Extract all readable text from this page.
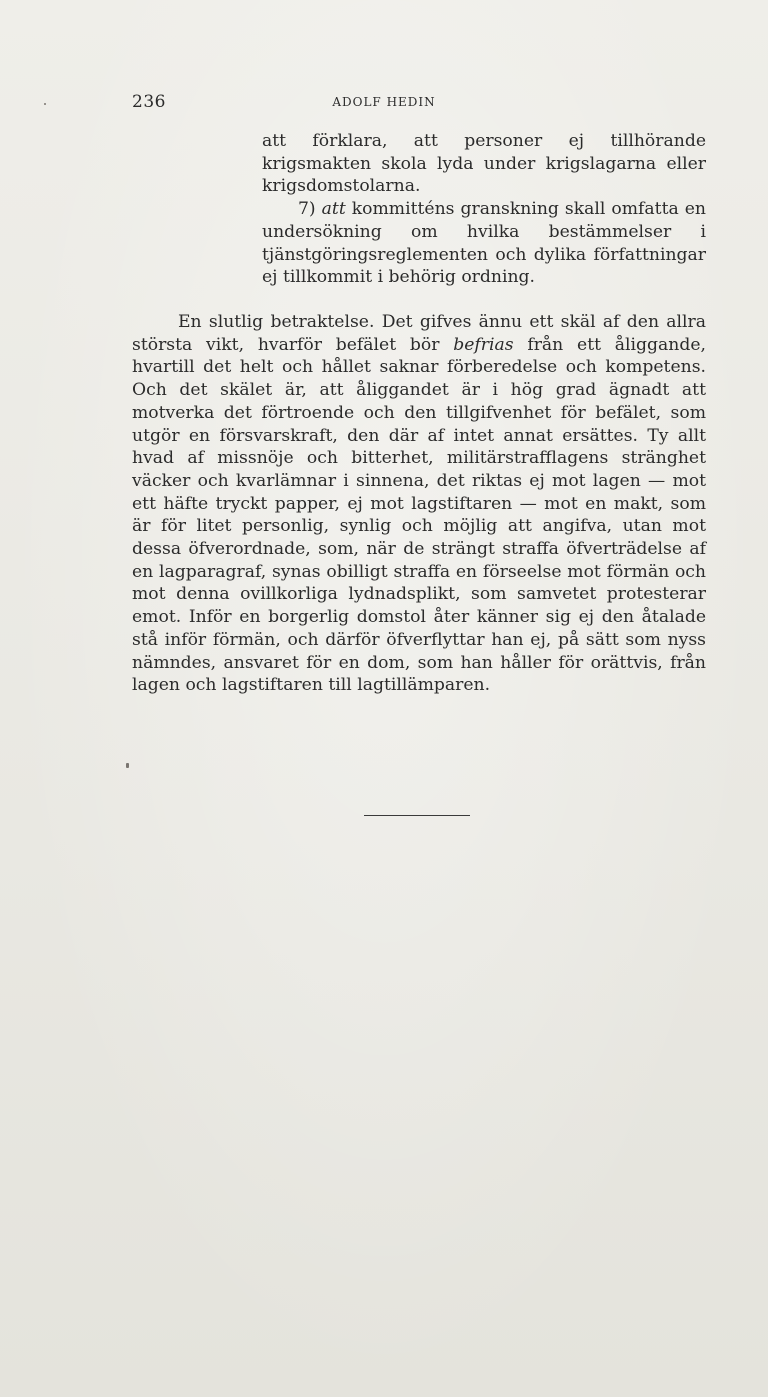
236	ADOLF HEDIN

att förklara, att personer ej tillhörande krigsmakten skola lyda under krigslagarna eller krigsdomstolarna.

7) att kommitténs granskning skall omfatta en undersökning om hvilka bestämmelser i tjänstgöringsreglementen och dylika författningar ej tillkommit i behörig ordning.

En slutlig betraktelse. Det gifves ännu ett skäl af den allra största vikt, hvarför befälet bör befrias från ett åliggande, hvartill det helt och hållet saknar förberedelse och kompetens. Och det skälet är, att åliggandet är i hög grad ägnadt att motverka det förtroende och den tillgifvenhet för befälet, som utgör en försvarskraft, den där af intet annat ersättes. Ty allt hvad af missnöje och bitterhet, militärstrafflagens stränghet väcker och kvarlämnar i sinnena, det riktas ej mot lagen — mot ett häfte tryckt papper, ej mot lagstiftaren — mot en makt, som är för litet personlig, synlig och möjlig att angifva, utan mot dessa öfverordnade, som, när de strängt straffa öfverträdelse af en lagparagraf, synas obilligt straffa en förseelse mot förmän och mot denna ovillkorliga lydnadsplikt, som samvetet protesterar emot. Inför en borgerlig domstol åter känner sig ej den åtalade stå inför förmän, och därför öfverflyttar han ej, på sätt som nyss nämndes, ansvaret för en dom, som han håller för orättvis, från lagen och lagstiftaren till lagtillämparen.
